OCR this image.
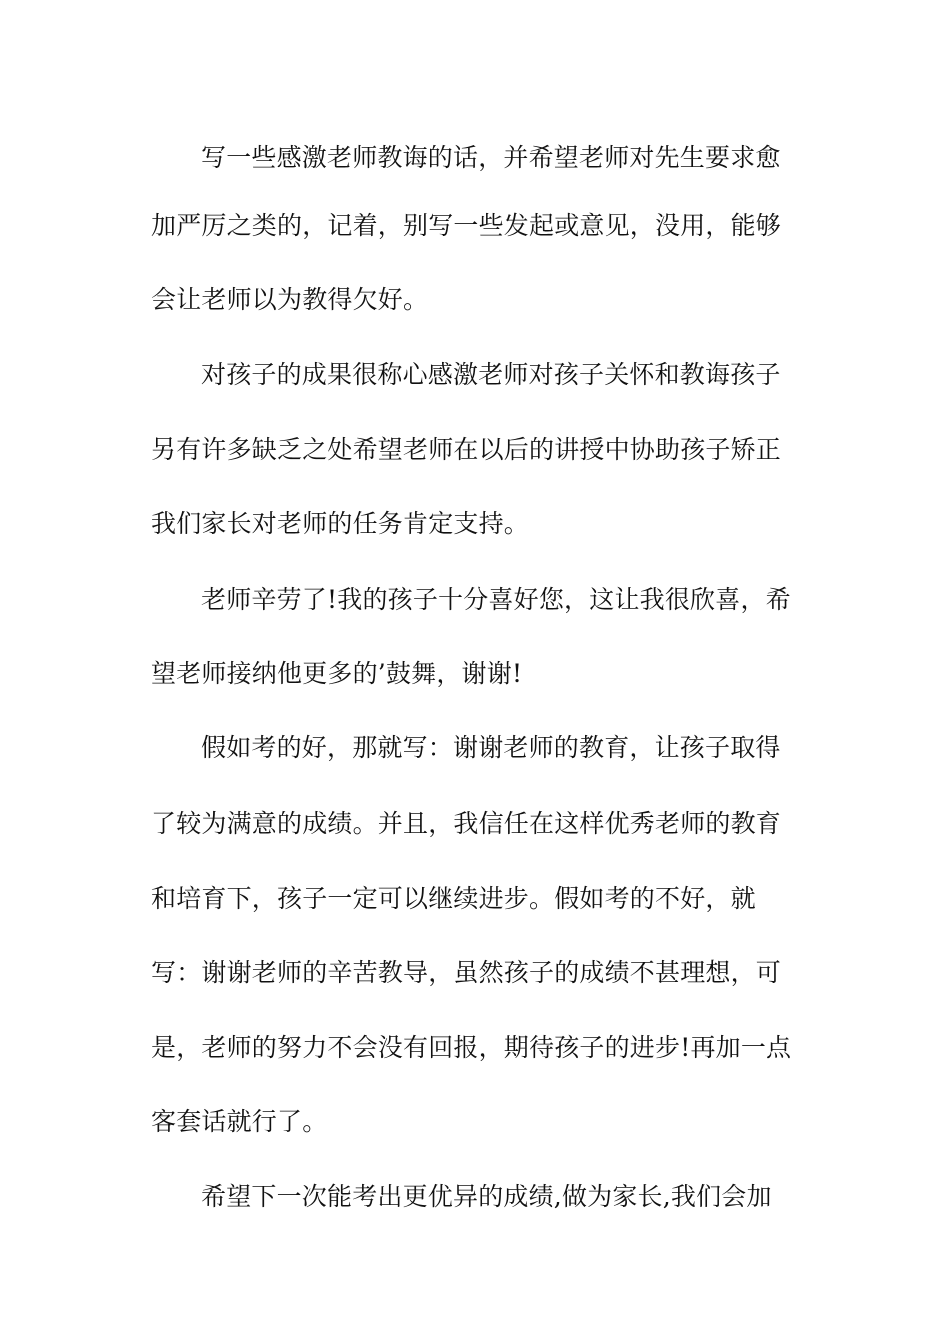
写一些感激老师教诲的话，并希望老师对先生要求愈
加严厉之类的，记着，别写一些发起或意见，没用，能够
会让老师以为教得欠好。
对孩子的成果很称心感激老师对孩子关怀和教诲孩子
另有许多缺乏之处希望老师在以后的讲授中协助孩子矫正
我们家长对老师的任务肯定支持。
老师辛劳了!我的孩子十分喜好您，这让我很欣喜，希
望老师接纳他更多的’鼓舞，谢谢!
假如考的好，那就写：谢谢老师的教育，让孩子取得
了较为满意的成绩。并且，我信任在这样优秀老师的教育
和培育下，孩子一定可以继续进步。假如考的不好，就
写：谢谢老师的辛苦教导，虽然孩子的成绩不甚理想，可
是，老师的努力不会没有回报，期待孩子的进步!再加一点
客套话就行了。
希望下一次能考出更优异的成绩,做为家长,我们会加
